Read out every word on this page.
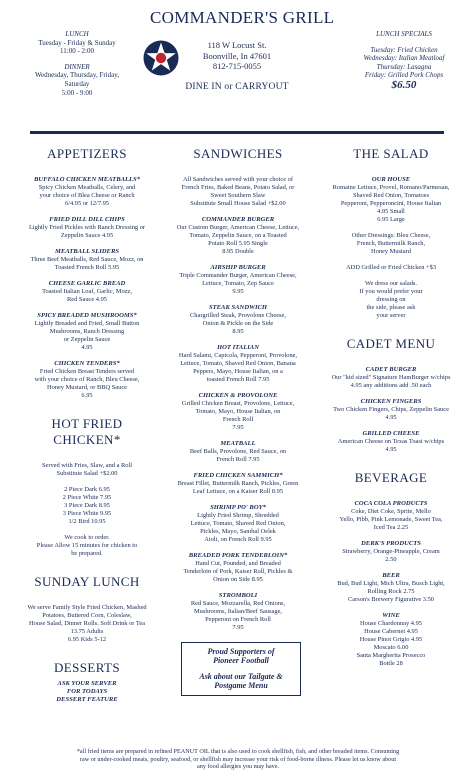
LUNCH
Tuesday - Friday & Sunday
11:00 - 2:00
DINNER
Wednesday, Thursday, Friday,
Saturday
5:00 - 9:00
COMMANDER'S GRILL
118 W Locust St.
Boonville, In 47601
812-715-0055
DINE IN or CARRYOUT
LUNCH SPECIALS
Tuesday: Fried Chicken
Wednesday: Italian Meatloaf
Thursday: Lasagna
Friday: Grilled Pork Chops
$6.50
APPETIZERS
BUFFALO CHICKEN MEATBALLS*
Spicy Chicken Meatballs, Celery, and
your choice of Blea Cheese or Ranch
6/4.95 or 12/7.95
FRIED DILL DILL CHIPS
Lightly Fried Pickles with Ranch Dressing or
Zeppelin Sauce 4.95
MEATBALL SLIDERS
Three Beef Meatballs, Red Sauce, Mozz, on
Toasted French Roll 5.95
CHEESE GARLIC BREAD
Toasted Italian Loaf, Garlic, Mozz,
Red Sauce 4.95
SPICY BREADED MUSHROOMS*
Lightly Breaded and Fried, Small Button
Mushrooms, Ranch Dressing
or Zeppelin Sauce
4.95
CHICKEN TENDERS*
Fried Chicken Breast Tenders served
with your choice of Ranch, Bleu Cheese,
Honey Mustard, or BBQ Sauce
6.95
HOT FRIED CHICKEN*
Served with Fries, Slaw, and a Roll
Substitute Salad +$2.00
2 Piece Dark 6.95
2 Piece White 7.95
3 Piece Dark 8.95
3 Piece White 9.95
1/2 Bird 10.95
We cook to order.
Please Allow 15 minutes for chicken to
be prepared.
SUNDAY LUNCH
We serve Family Style Fried Chicken, Mashed
Potatoes, Buttered Corn, Coleslaw,
House Salad, Dinner Rolls. Soft Drink or Tea
13.75 Adults
6.95 Kids 5-12
DESSERTS
ASK YOUR SERVER
FOR TODAYS
DESSERT FEATURE
SANDWICHES
All Sandwiches served with your choice of
French Fries, Baked Beans, Potato Salad, or
Sweet Southern Slaw
Substitute Small House Salad +$2.00
COMMANDER BURGER
Our Custom Burger, American Cheese, Lettuce,
Tomato, Zeppelin Sauce, on a Toasted
Potato Roll 5.95 Single
8.95 Double
AIRSHIP BURGER
Triple Commander Burger, American Cheese,
Lettuce, Tomato, Zep Sauce
9.95
STEAK SANDWICH
Chargrilled Steak, Provolone Cheese,
Onion & Pickle on the Side
8.95
HOT ITALIAN
Hard Salami, Capicola, Pepperoni, Provolone,
Lettuce, Tomato, Shaved Red Onion, Banana
Peppers, Mayo, House Italian, on a
toasted French Roll 7.95
CHICKEN & PROVOLONE
Grilled Chicken Breast, Provolone, Lettuce,
Tomato, Mayo, House Italian, on
French Roll
7.95
MEATBALL
Beef Balls, Provolone, Red Sauce, on
French Roll 7.95
FRIED CHICKEN SAMMICH*
Breast Fillet, Buttermilk Ranch, Pickles, Green
Leaf Lettuce, on a Kaiser Roll 8.95
SHRIMP PO' BOY*
Lightly Fried Shrimp, Shredded
Lettuce, Tomato, Shaved Red Onion,
Pickles, Mayo, Sambal Oelek
Aioli, on French Roll 9.95
BREADED PORK TENDERLOIN*
Hand Cut, Pounded, and Breaded
Tenderloin of Pork, Kaiser Roll, Pickles &
Onion on Side 8.95
STROMBOLI
Red Sauce, Mozzarella, Red Onions,
Mushrooms, Italian/Beef Sausage,
Pepperoni on French Roll
7.95
Proud Supporters of
Pioneer Football
Ask about our Tailgate &
Postgame Menu
THE SALAD
OUR HOUSE
Romaine Lettuce, Provel, Romano/Parmesan,
Shaved Red Onion, Tomatoes
Pepperoni, Pepperoncini, House Italian
4.95 Small
6.95 Large
Other Dressings: Bleu Cheese,
French, Buttermilk Ranch,
Honey Mustard
ADD Grilled or Fried Chicken +$3
We dress our salads.
If you would prefer your
dressing on
the side, please ask
your server
CADET MENU
CADET BURGER
Our "kid sized" Signature HamBurger w/chips
4.95 any additions add .50 each
CHICKEN FINGERS
Two Chicken Fingers, Chips, Zeppelin Sauce
4.95
GRILLED CHEESE
American Cheese on Texas Toast w/chips
4.95
BEVERAGE
COCA COLA PRODUCTS
Coke, Diet Coke, Sprite, Mello
Yello, Pibb, Pink Lemonade, Sweet Tea,
Iced Tea 2.25
DERK'S PRODUCTS
Strawberry, Orange-Pineapple, Cream
2.50
BEER
Bud, Bud Light, Mich Ultra, Busch Light,
Rolling Rock 2.75
Carson's Brewery Figurative 3.50
WINE
House Chardonnay 4.95
House Cabernet 4.95
House Pinot Grigio 4.95
Moscato 6.00
Santa Margherita Prosecco
Bottle 28
*all fried items are prepared in refined PEANUT OIL that is also used to cook shellfish, fish, and other breaded items. Consuming
raw or under-cooked meats, poultry, seafood, or shellfish may increase your risk of food-borne illness. Please let us know about
any food allergies you may have.
